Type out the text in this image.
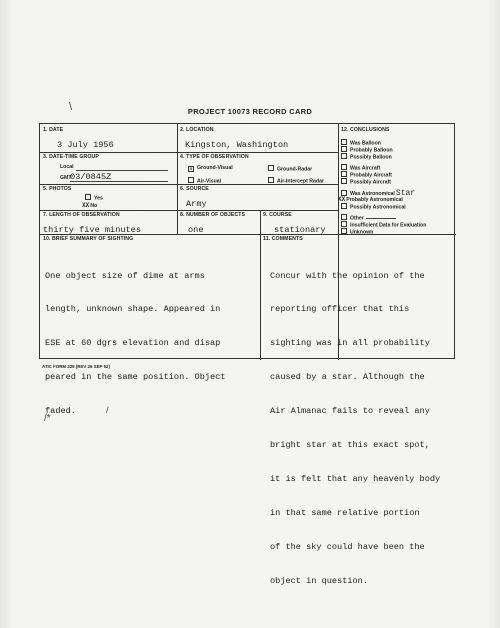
\	PROJECT 10073 RECORD CARD
1. DATE
3 July 1956
2. LOCATION
Kingston, Washington
3. DATE-TIME GROUP
Local
GMT
03/0845Z
4. TYPE OF OBSERVATION
X Ground-Visual	Ground-Radar
Air-Visual	Air-Intercept Radar
5. PHOTOS
Yes
XXNo
6. SOURCE
Army
7. LENGTH OF OBSERVATION
thirty five minutes
8. NUMBER OF OBJECTS
one
9. COURSE
stationary
10. BRIEF SUMMARY OF SIGHTING

One object size of dime at arms

length, unknown shape. Appeared in

ESE at 60 dgrs elevation and disap

peared in the same position. Object

faded.

11. COMMENTS

Concur with the opinion of the

reporting officer that this

sighting was in all probability

caused by a star. Although the

Air Almanac fails to reveal any

bright star at this exact spot,

it is felt that any heavenly body

in that same relative portion

of the sky could have been the

object in question.

12. CONCLUSIONS
Was Balloon
Probably Balloon
Possibly Balloon
Was Aircraft
Probably Aircraft
Possibly Aircraft
Was AstronomicalStar
XXProbably Astronomical
Possibly Astronomical
Other
Insufficient Data for Evaluation
Unknown
ATIC FORM 329 (REV 26 SEP 52)
/*
/
